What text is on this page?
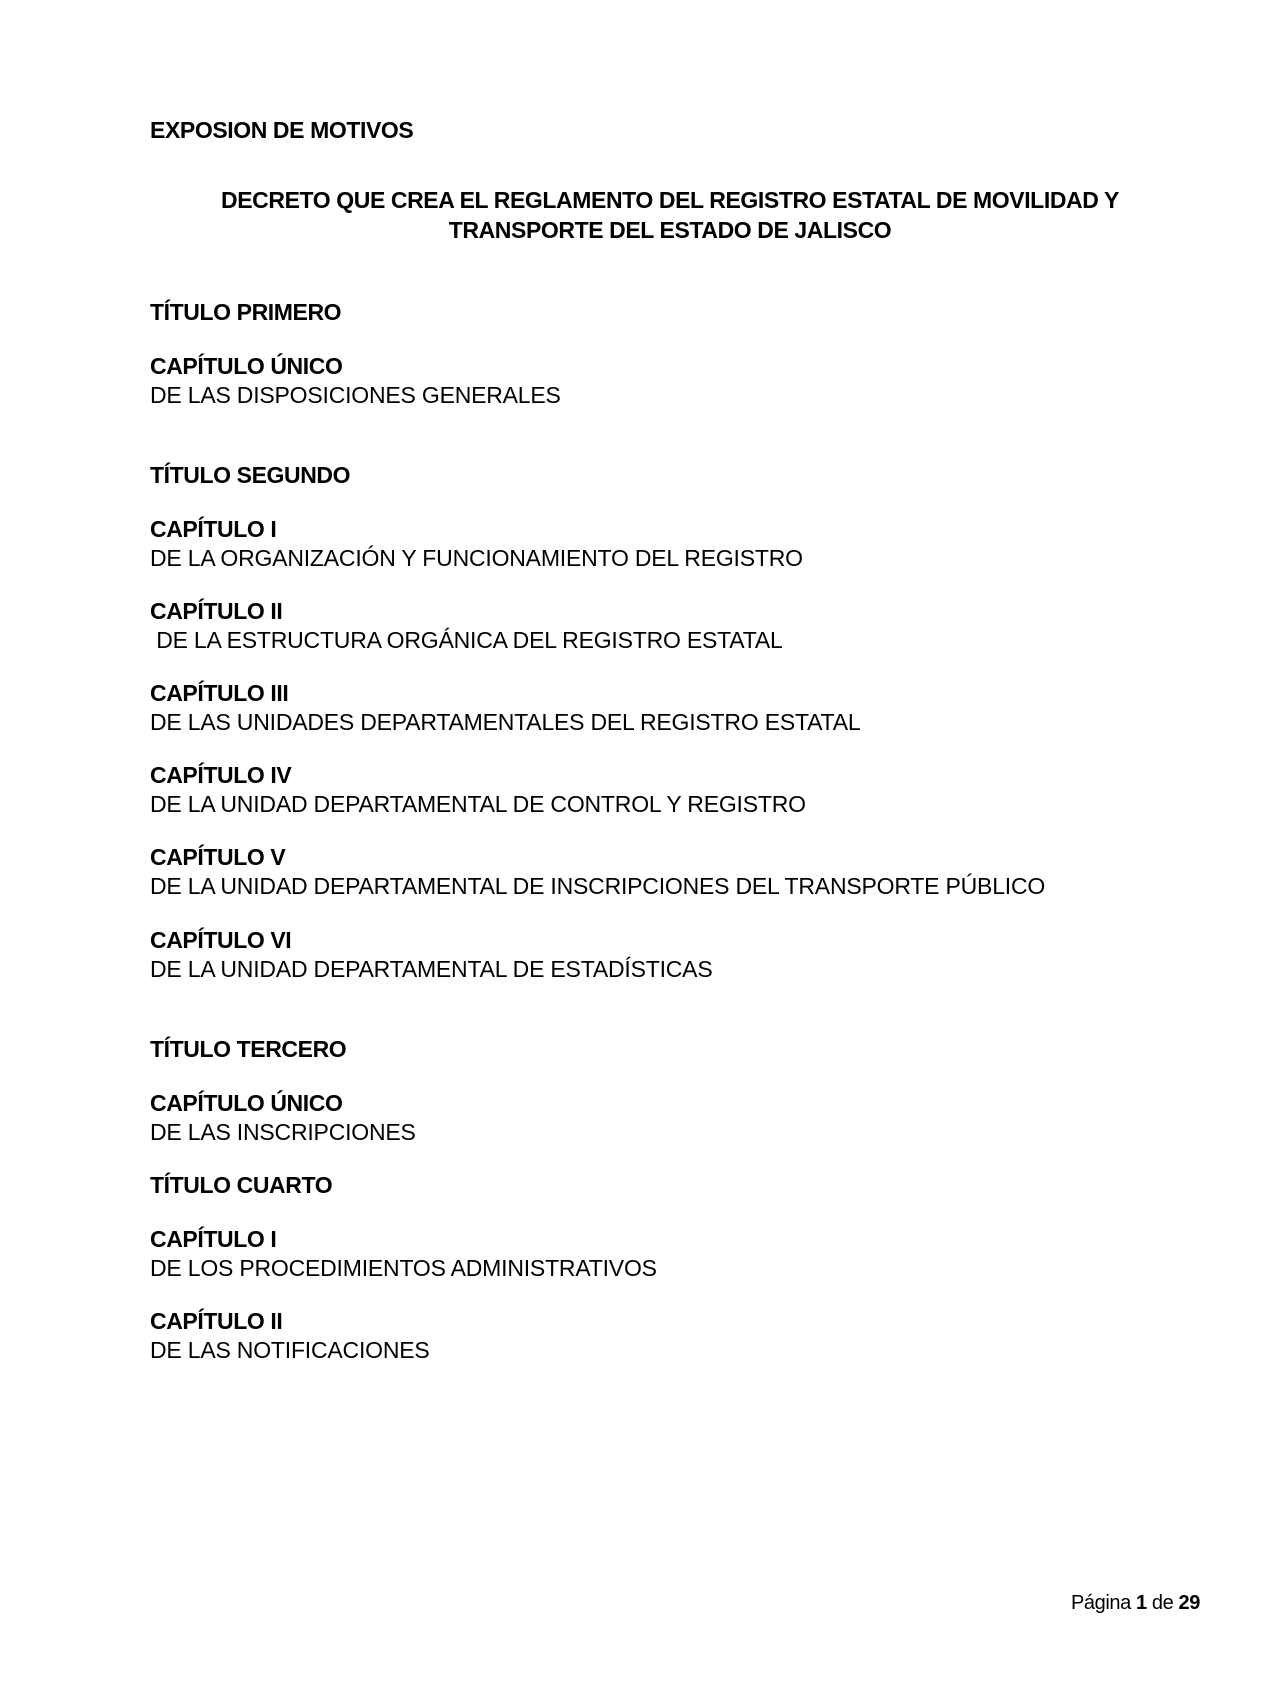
EXPOSION DE MOTIVOS
DECRETO QUE CREA EL REGLAMENTO DEL REGISTRO ESTATAL DE MOVILIDAD Y
TRANSPORTE DEL ESTADO DE JALISCO
TÍTULO PRIMERO
CAPÍTULO ÚNICO
DE LAS DISPOSICIONES GENERALES
TÍTULO SEGUNDO
CAPÍTULO I
DE LA ORGANIZACIÓN Y FUNCIONAMIENTO DEL REGISTRO
CAPÍTULO II
DE LA ESTRUCTURA ORGÁNICA DEL REGISTRO ESTATAL
CAPÍTULO III
DE LAS UNIDADES DEPARTAMENTALES DEL REGISTRO ESTATAL
CAPÍTULO IV
DE LA UNIDAD DEPARTAMENTAL DE CONTROL Y REGISTRO
CAPÍTULO V
DE LA UNIDAD DEPARTAMENTAL DE INSCRIPCIONES DEL TRANSPORTE PÚBLICO
CAPÍTULO VI
DE LA UNIDAD DEPARTAMENTAL DE ESTADÍSTICAS
TÍTULO TERCERO
CAPÍTULO ÚNICO
DE LAS INSCRIPCIONES
TÍTULO CUARTO
CAPÍTULO I
DE LOS PROCEDIMIENTOS ADMINISTRATIVOS
CAPÍTULO II
DE LAS NOTIFICACIONES
Página 1 de 29
